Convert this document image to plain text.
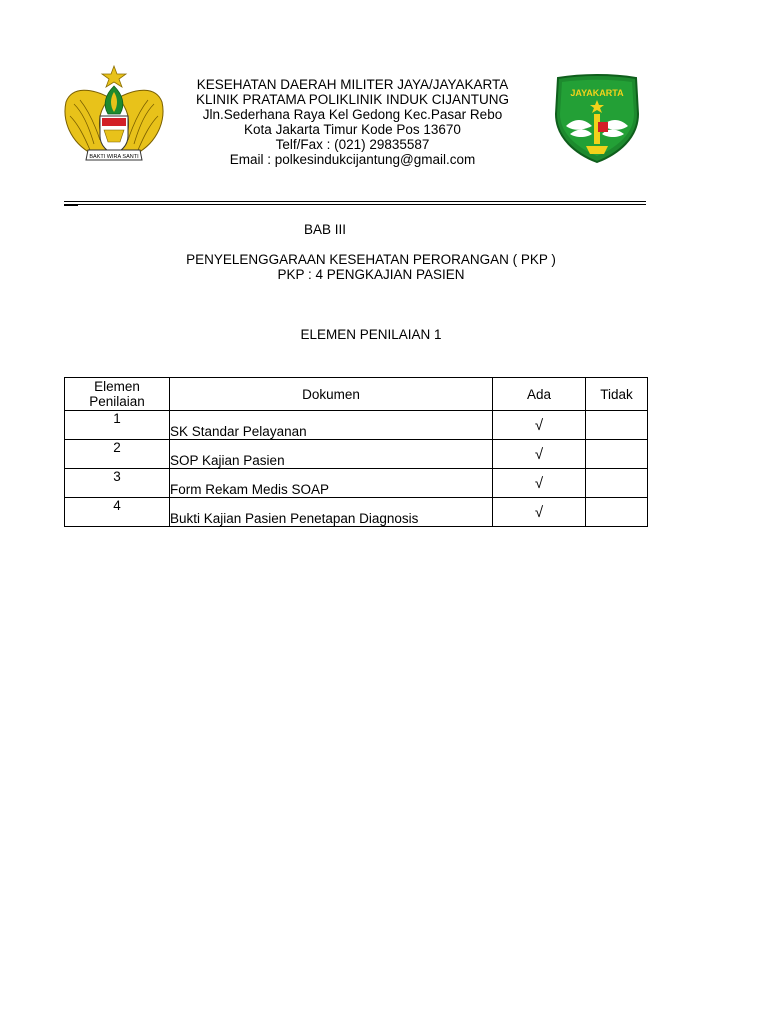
BAKTI WIRA SANTI
KESEHATAN DAERAH MILITER JAYA/JAYAKARTA
KLINIK PRATAMA POLIKLINIK INDUK CIJANTUNG
Jln.Sederhana Raya Kel Gedong Kec.Pasar Rebo
Kota Jakarta Timur Kode Pos 13670
Telf/Fax : (021) 29835587
Email : polkesindukcijantung@gmail.com
JAYAKARTA
BAB III
PENYELENGGARAAN KESEHATAN PERORANGAN ( PKP )
PKP : 4 PENGKAJIAN PASIEN
ELEMEN PENILAIAN 1
Elemen Penilaian	Dokumen	Ada	Tidak
1	SK Standar Pelayanan	√	
2	SOP Kajian Pasien	√	
3	Form Rekam Medis SOAP	√	
4	Bukti Kajian Pasien Penetapan Diagnosis	√	
